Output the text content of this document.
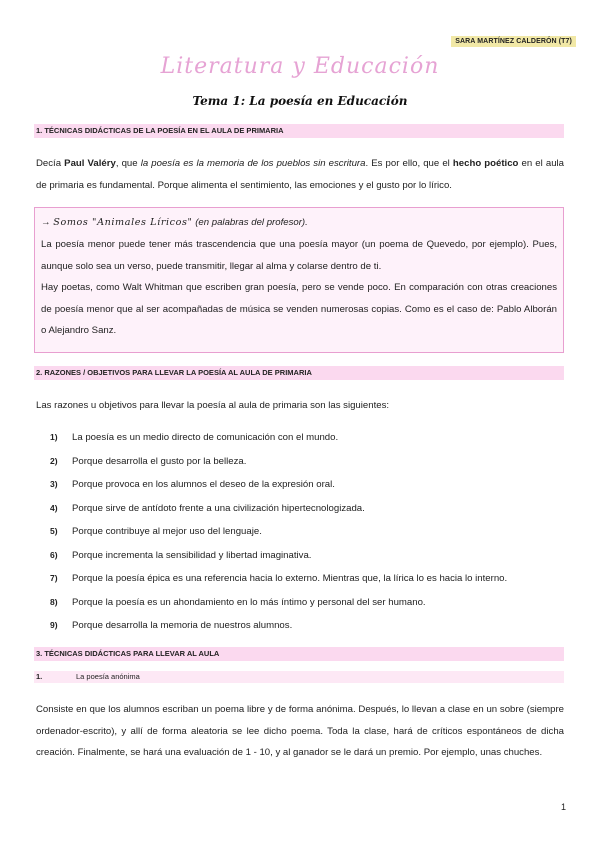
SARA MARTÍNEZ CALDERÓN (T7)
Literatura y Educación
Tema 1: La poesía en Educación
1. TÉCNICAS DIDÁCTICAS DE LA POESÍA EN EL AULA DE PRIMARIA
Decía Paul Valéry, que la poesía es la memoria de los pueblos sin escritura. Es por ello, que el hecho poético en el aula de primaria es fundamental. Porque alimenta el sentimiento, las emociones y el gusto por lo lírico.
→ Somos "Animales Líricos" (en palabras del profesor).

La poesía menor puede tener más trascendencia que una poesía mayor (un poema de Quevedo, por ejemplo). Pues, aunque solo sea un verso, puede transmitir, llegar al alma y colarse dentro de ti.

Hay poetas, como Walt Whitman que escriben gran poesía, pero se vende poco. En comparación con otras creaciones de poesía menor que al ser acompañadas de música se venden numerosas copias. Como es el caso de: Pablo Alborán o Alejandro Sanz.

2. RAZONES / OBJETIVOS PARA LLEVAR LA POESÍA AL AULA DE PRIMARIA
Las razones u objetivos para llevar la poesía al aula de primaria son las siguientes:
1) La poesía es un medio directo de comunicación con el mundo.
2) Porque desarrolla el gusto por la belleza.
3) Porque provoca en los alumnos el deseo de la expresión oral.
4) Porque sirve de antídoto frente a una civilización hipertecnologizada.
5) Porque contribuye al mejor uso del lenguaje.
6) Porque incrementa la sensibilidad y libertad imaginativa.
7) Porque la poesía épica es una referencia hacia lo externo. Mientras que, la lírica lo es hacia lo interno.
8) Porque la poesía es un ahondamiento en lo más íntimo y personal del ser humano.
9) Porque desarrolla la memoria de nuestros alumnos.
3. TÉCNICAS DIDÁCTICAS PARA LLEVAR AL AULA
1.	La poesía anónima
Consiste en que los alumnos escriban un poema libre y de forma anónima. Después, lo llevan a clase en un sobre (siempre ordenador-escrito), y allí de forma aleatoria se lee dicho poema. Toda la clase, hará de críticos espontáneos de dicha creación. Finalmente, se hará una evaluación de 1 - 10, y al ganador se le dará un premio. Por ejemplo, unas chuches.
1
